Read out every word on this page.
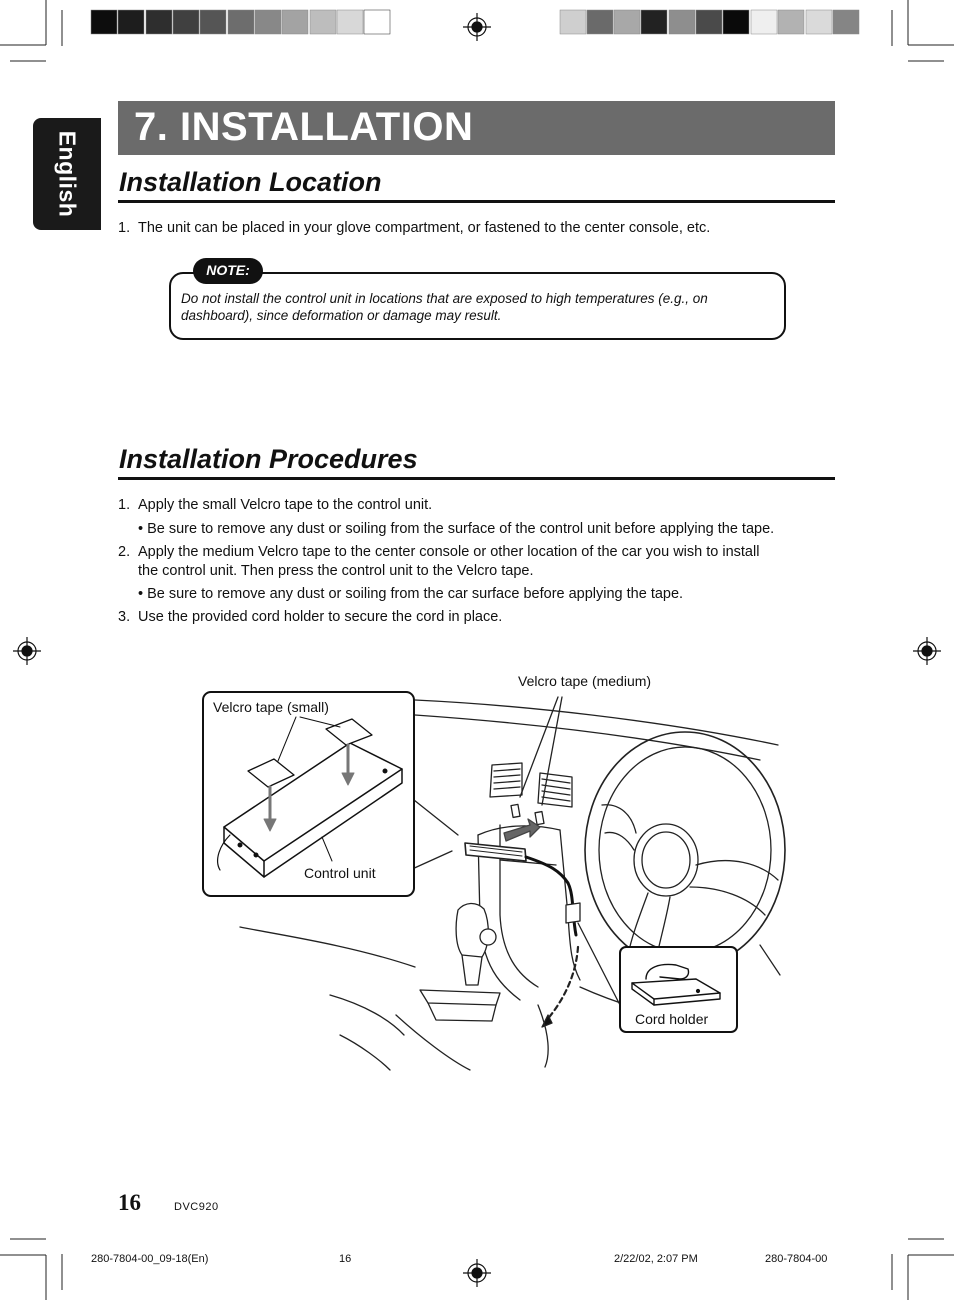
English
7. INSTALLATION
Installation Location
1. The unit can be placed in your glove compartment, or fastened to the center console, etc.
NOTE:
Do not install the control unit in locations that are exposed to high temperatures (e.g., on dashboard), since deformation or damage may result.
Installation Procedures
1. Apply the small Velcro tape to the control unit.
• Be sure to remove any dust or soiling from the surface of the control unit before applying the tape.
2. Apply the medium Velcro tape to the center console or other location of the car you wish to install
the control unit. Then press the control unit to the Velcro tape.
• Be sure to remove any dust or soiling from the car surface before applying the tape.
3. Use the provided cord holder to secure the cord in place.
Velcro tape (medium)
Velcro tape (small)
Control unit
Cord holder
16	DVC920
280-7804-00_09-18(En)	16	2/22/02, 2:07 PM	280-7804-00
